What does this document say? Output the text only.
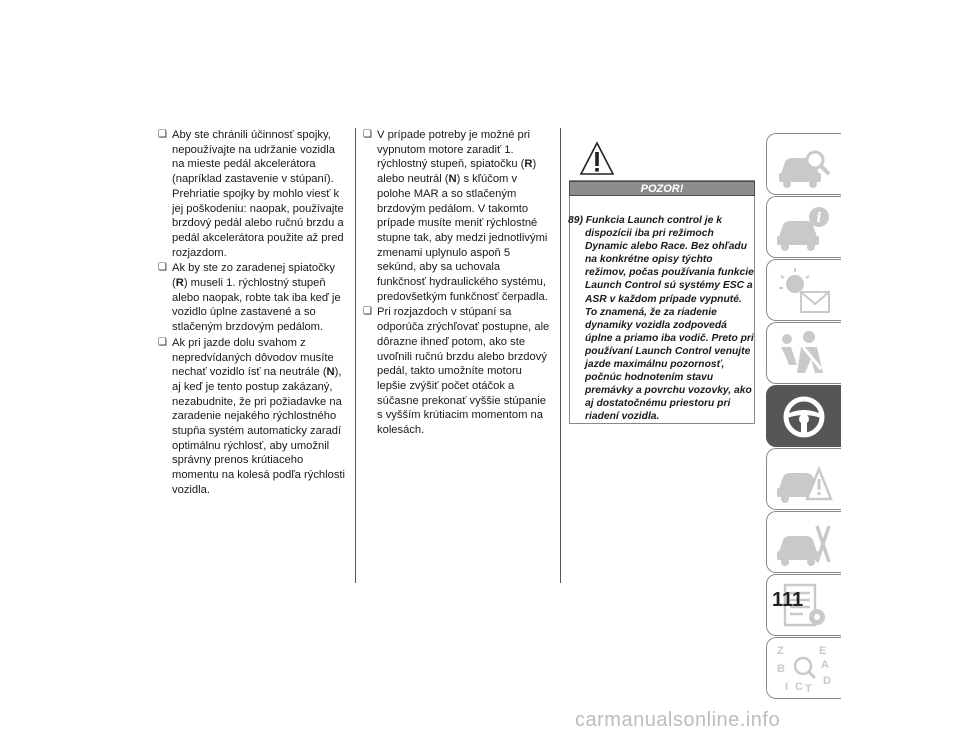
❏ Aby ste chránili účinnosť spojky, nepoužívajte na udržanie vozidla na mieste pedál akcelerátora (napríklad zastavenie v stúpaní). Prehriatie spojky by mohlo viesť k jej poškodeniu: naopak, používajte brzdový pedál alebo ručnú brzdu a pedál akcelerátora použite až pred rozjazdom.
❏ Ak by ste zo zaradenej spiatočky (R) museli 1. rýchlostný stupeň alebo naopak, robte tak iba keď je vozidlo úplne zastavené a so stlačeným brzdovým pedálom.
❏ Ak pri jazde dolu svahom z nepredvídaných dôvodov musíte nechať vozidlo ísť na neutrále (N), aj keď je tento postup zakázaný, nezabudnite, že pri požiadavke na zaradenie nejakého rýchlostného stupňa systém automaticky zaradí optimálnu rýchlosť, aby umožnil správny prenos krútiaceho momentu na kolesá podľa rýchlosti vozidla.
❏ V prípade potreby je možné pri vypnutom motore zaradiť 1. rýchlostný stupeň, spiatočku (R) alebo neutrál (N) s kľúčom v polohe MAR a so stlačeným brzdovým pedálom. V takomto prípade musíte meniť rýchlostné stupne tak, aby medzi jednotlivými zmenami uplynulo aspoň 5 sekúnd, aby sa uchovala funkčnosť hydraulického systému, predovšetkým funkčnosť čerpadla.
❏ Pri rozjazdoch v stúpaní sa odporúča zrýchľovať postupne, ale dôrazne ihneď potom, ako ste uvoľnili ručnú brzdu alebo brzdový pedál, takto umožníte motoru lepšie zvýšiť počet otáčok a súčasne prekonať vyššie stúpanie s vyšším krútiacim momentom na kolesách.
POZOR!
89) Funkcia Launch control je k dispozícii iba pri režimoch Dynamic alebo Race. Bez ohľadu na konkrétne opisy týchto režimov, počas používania funkcie Launch Control sú systémy ESC a ASR v každom prípade vypnuté. To znamená, že za riadenie dynamiky vozidla zodpovedá úplne a priamo iba vodič. Preto pri používaní Launch Control venujte jazde maximálnu pozornosť, počnúc hodnotením stavu premávky a povrchu vozovky, ako aj dostatočnému priestoru pri riadení vozidla.
i
Z	E
B	A
I C T
D
111
carmanualsonline.info
